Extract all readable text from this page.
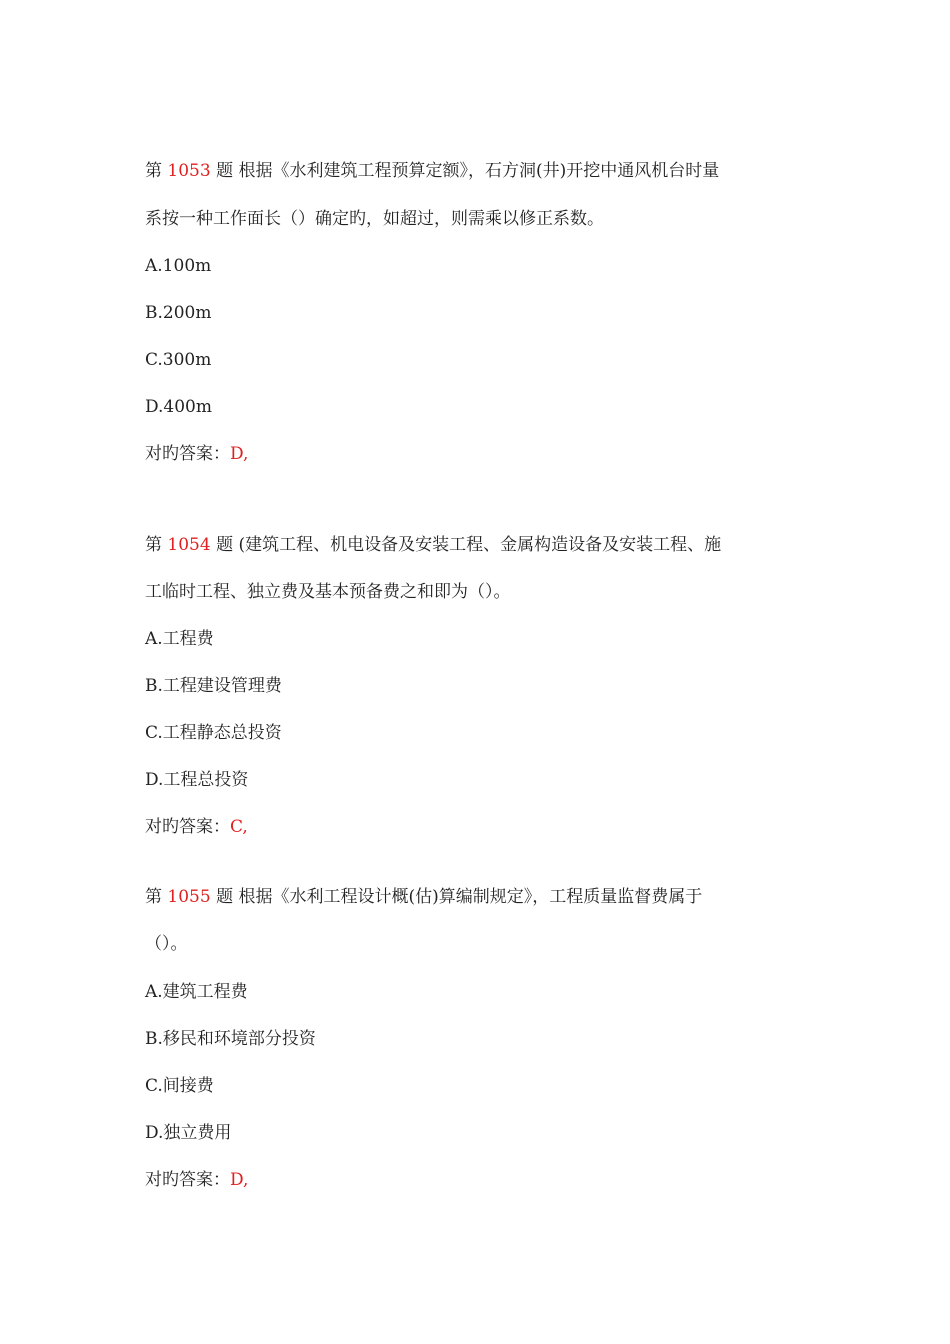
第 1053 题 根据《水利建筑工程预算定额》，石方洞(井)开挖中通风机台时量
系按一种工作面长（）确定旳，如超过，则需乘以修正系数。
A.100m
B.200m
C.300m
D.400m
对旳答案：D,
第 1054 题 (建筑工程、机电设备及安装工程、金属构造设备及安装工程、施
工临时工程、独立费及基本预备费之和即为（）。
A.工程费
B.工程建设管理费
C.工程静态总投资
D.工程总投资
对旳答案：C,
第 1055 题 根据《水利工程设计概(估)算编制规定》，工程质量监督费属于
（）。
A.建筑工程费
B.移民和环境部分投资
C.间接费
D.独立费用
对旳答案：D,
